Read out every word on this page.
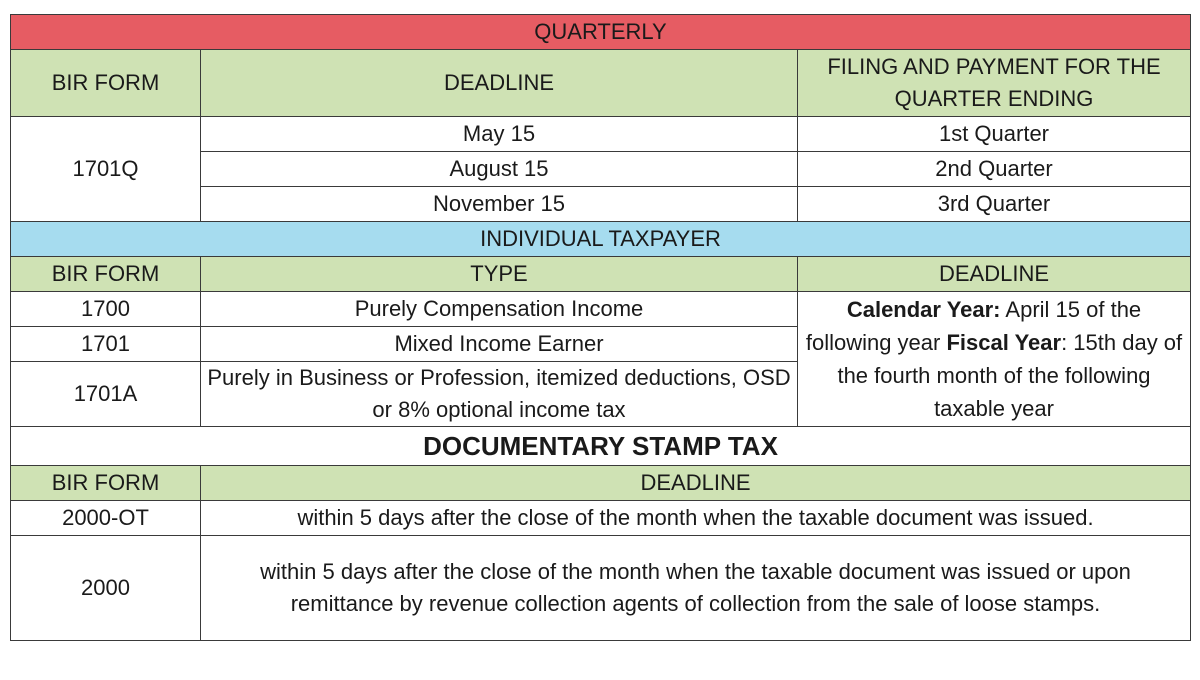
QUARTERLY		
BIR FORM	DEADLINE	FILING AND PAYMENT FOR THE QUARTER ENDING
1701Q	May 15	1st Quarter
	August 15	2nd Quarter
	November 15	3rd Quarter
INDIVIDUAL TAXPAYER		
BIR FORM	TYPE	DEADLINE
1700	Purely Compensation Income	Calendar Year: April 15 of the following year Fiscal Year: 15th day of the fourth month of the following taxable year
1701	Mixed Income Earner	
1701A	Purely in Business or Profession, itemized deductions, OSD or 8% optional income tax	
DOCUMENTARY STAMP TAX		
BIR FORM	DEADLINE	
2000-OT	within 5 days after the close of the month when the taxable document was issued.	
2000	within 5 days after the close of the month when the taxable document was issued or upon remittance by revenue collection agents of collection from the sale of loose stamps.	
